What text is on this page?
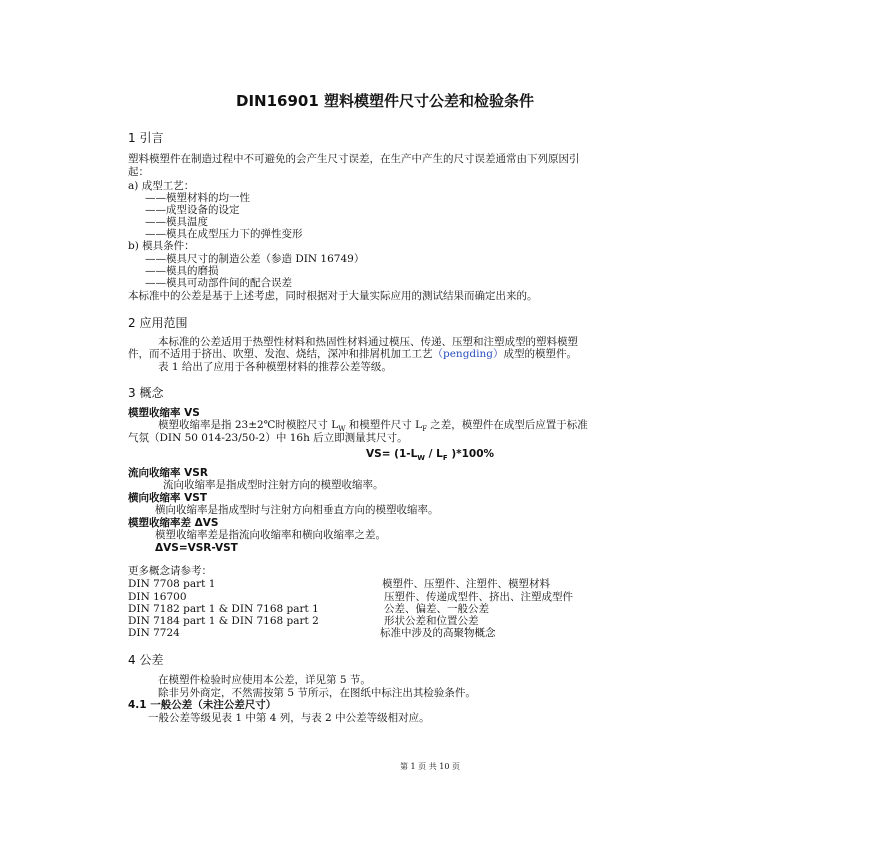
DIN16901 塑料模塑件尺寸公差和检验条件
1 引言
塑料模塑件在制造过程中不可避免的会产生尺寸误差，在生产中产生的尺寸误差通常由下列原因引
起：
a) 成型工艺：
——模塑材料的均一性
——成型设备的设定
——模具温度
——模具在成型压力下的弹性变形
b) 模具条件：
——模具尺寸的制造公差（参造 DIN 16749）
——模具的磨损
——模具可动部件间的配合误差
本标准中的公差是基于上述考虑，同时根据对于大量实际应用的测试结果而确定出来的。
2 应用范围
本标准的公差适用于热塑性材料和热固性材料通过模压、传递、压塑和注塑成型的塑料模塑
件，而不适用于挤出、吹塑、发泡、烧结，深冲和排屑机加工工艺（pengding）成型的模塑件。
表 1 给出了应用于各种模塑材料的推荐公差等级。
3 概念
模塑收缩率 VS
模塑收缩率是指 23±2℃时模腔尺寸 $L_W$ 和模塑件尺寸 $L_F$ 之差，模塑件在成型后应置于标准
气氛（DIN 50 014-23/50-2）中 16h 后立即测量其尺寸。
$VS= (1-L_W / L_F$ )*100%
流向收缩率 VSR
流向收缩率是指成型时注射方向的模塑收缩率。
横向收缩率 VST
横向收缩率是指成型时与注射方向相垂直方向的模塑收缩率。
模塑收缩率差 ΔVS
模塑收缩率差是指流向收缩率和横向收缩率之差。
ΔVS=VSR-VST
更多概念请参考：
DIN 7708 part 1	模塑件、压塑件、注塑件、模塑材料
DIN 16700	压塑件、传递成型件、挤出、注塑成型件
DIN 7182 part 1 & DIN 7168 part 1	公差、偏差、一般公差
DIN 7184 part 1 & DIN 7168 part 2	形状公差和位置公差
DIN 7724	标准中涉及的高聚物概念
4 公差
在模塑件检验时应使用本公差，详见第 5 节。
除非另外商定，不然需按第 5 节所示，在图纸中标注出其检验条件。
4.1 一般公差（未注公差尺寸）
一般公差等级见表 1 中第 4 列，与表 2 中公差等级相对应。
第 1 页 共 10 页
